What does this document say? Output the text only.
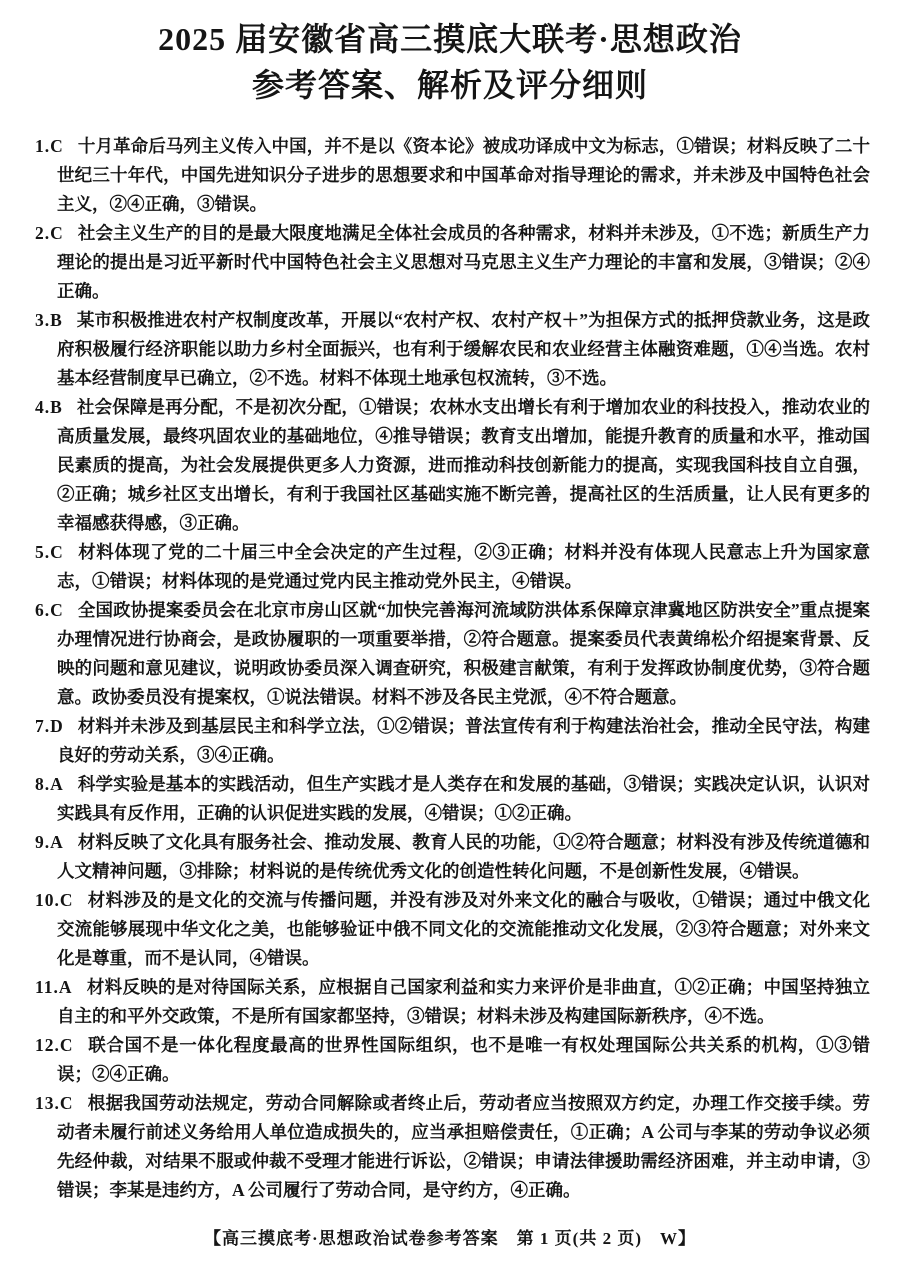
2025 届安徽省高三摸底大联考·思想政治
参考答案、解析及评分细则

1.C 十月革命后马列主义传入中国，并不是以《资本论》被成功译成中文为标志，①错误；材料反映了二十世纪三十年代，中国先进知识分子进步的思想要求和中国革命对指导理论的需求，并未涉及中国特色社会主义，②④正确，③错误。

2.C 社会主义生产的目的是最大限度地满足全体社会成员的各种需求，材料并未涉及，①不选；新质生产力理论的提出是习近平新时代中国特色社会主义思想对马克思主义生产力理论的丰富和发展，③错误；②④正确。

3.B 某市积极推进农村产权制度改革，开展以“农村产权、农村产权＋”为担保方式的抵押贷款业务，这是政府积极履行经济职能以助力乡村全面振兴，也有利于缓解农民和农业经营主体融资难题，①④当选。农村基本经营制度早已确立，②不选。材料不体现土地承包权流转，③不选。

4.B 社会保障是再分配，不是初次分配，①错误；农林水支出增长有利于增加农业的科技投入，推动农业的高质量发展，最终巩固农业的基础地位，④推导错误；教育支出增加，能提升教育的质量和水平，推动国民素质的提高，为社会发展提供更多人力资源，进而推动科技创新能力的提高，实现我国科技自立自强，②正确；城乡社区支出增长，有利于我国社区基础实施不断完善，提高社区的生活质量，让人民有更多的幸福感获得感，③正确。

5.C 材料体现了党的二十届三中全会决定的产生过程，②③正确；材料并没有体现人民意志上升为国家意志，①错误；材料体现的是党通过党内民主推动党外民主，④错误。

6.C 全国政协提案委员会在北京市房山区就“加快完善海河流域防洪体系保障京津冀地区防洪安全”重点提案办理情况进行协商会，是政协履职的一项重要举措，②符合题意。提案委员代表黄绵松介绍提案背景、反映的问题和意见建议，说明政协委员深入调查研究，积极建言献策，有利于发挥政协制度优势，③符合题意。政协委员没有提案权，①说法错误。材料不涉及各民主党派，④不符合题意。

7.D 材料并未涉及到基层民主和科学立法，①②错误；普法宣传有利于构建法治社会，推动全民守法，构建良好的劳动关系，③④正确。

8.A 科学实验是基本的实践活动，但生产实践才是人类存在和发展的基础，③错误；实践决定认识，认识对实践具有反作用，正确的认识促进实践的发展，④错误；①②正确。

9.A 材料反映了文化具有服务社会、推动发展、教育人民的功能，①②符合题意；材料没有涉及传统道德和人文精神问题，③排除；材料说的是传统优秀文化的创造性转化问题，不是创新性发展，④错误。

10.C 材料涉及的是文化的交流与传播问题，并没有涉及对外来文化的融合与吸收，①错误；通过中俄文化交流能够展现中华文化之美，也能够验证中俄不同文化的交流能推动文化发展，②③符合题意；对外来文化是尊重，而不是认同，④错误。

11.A 材料反映的是对待国际关系，应根据自己国家利益和实力来评价是非曲直，①②正确；中国坚持独立自主的和平外交政策，不是所有国家都坚持，③错误；材料未涉及构建国际新秩序，④不选。

12.C 联合国不是一体化程度最高的世界性国际组织，也不是唯一有权处理国际公共关系的机构，①③错误；②④正确。

13.C 根据我国劳动法规定，劳动合同解除或者终止后，劳动者应当按照双方约定，办理工作交接手续。劳动者未履行前述义务给用人单位造成损失的，应当承担赔偿责任，①正确；A 公司与李某的劳动争议必须先经仲裁，对结果不服或仲裁不受理才能进行诉讼，②错误；申请法律援助需经济困难，并主动申请，③错误；李某是违约方，A 公司履行了劳动合同，是守约方，④正确。

【高三摸底考·思想政治试卷参考答案　第 1 页(共 2 页)　W】
